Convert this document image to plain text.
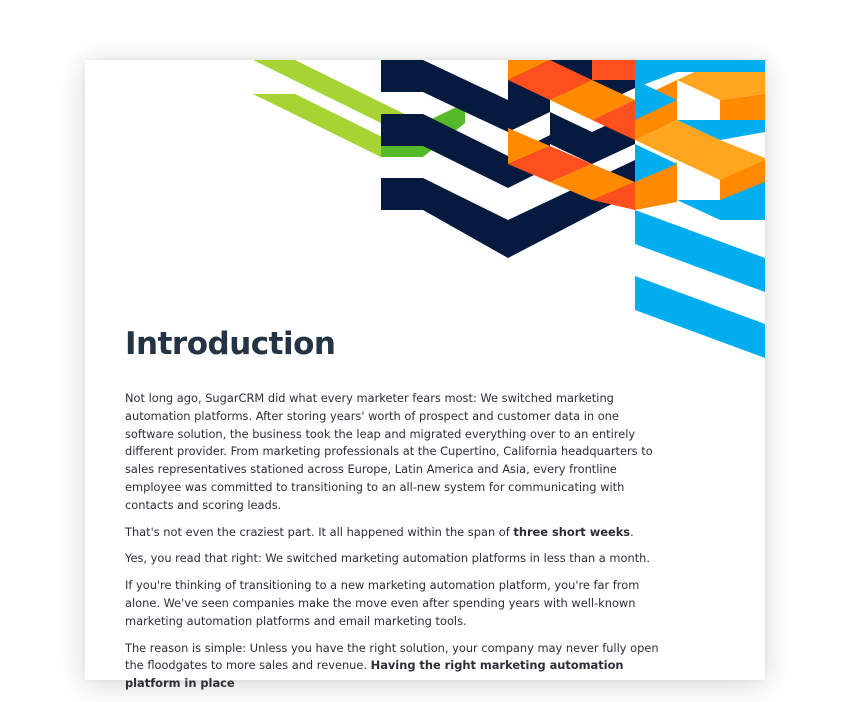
Introduction

Not long ago, SugarCRM did what every marketer fears most: We switched marketing automation platforms. After storing years' worth of prospect and customer data in one software solution, the business took the leap and migrated everything over to an entirely different provider. From marketing professionals at the Cupertino, California headquarters to sales representatives stationed across Europe, Latin America and Asia, every frontline employee was committed to transitioning to an all-new system for communicating with contacts and scoring leads.

That's not even the craziest part. It all happened within the span of three short weeks.

Yes, you read that right: We switched marketing automation platforms in less than a month.

If you're thinking of transitioning to a new marketing automation platform, you're far from alone. We've seen companies make the move even after spending years with well-known marketing automation platforms and email marketing tools.

The reason is simple: Unless you have the right solution, your company may never fully open the floodgates to more sales and revenue. Having the right marketing automation platform in place
